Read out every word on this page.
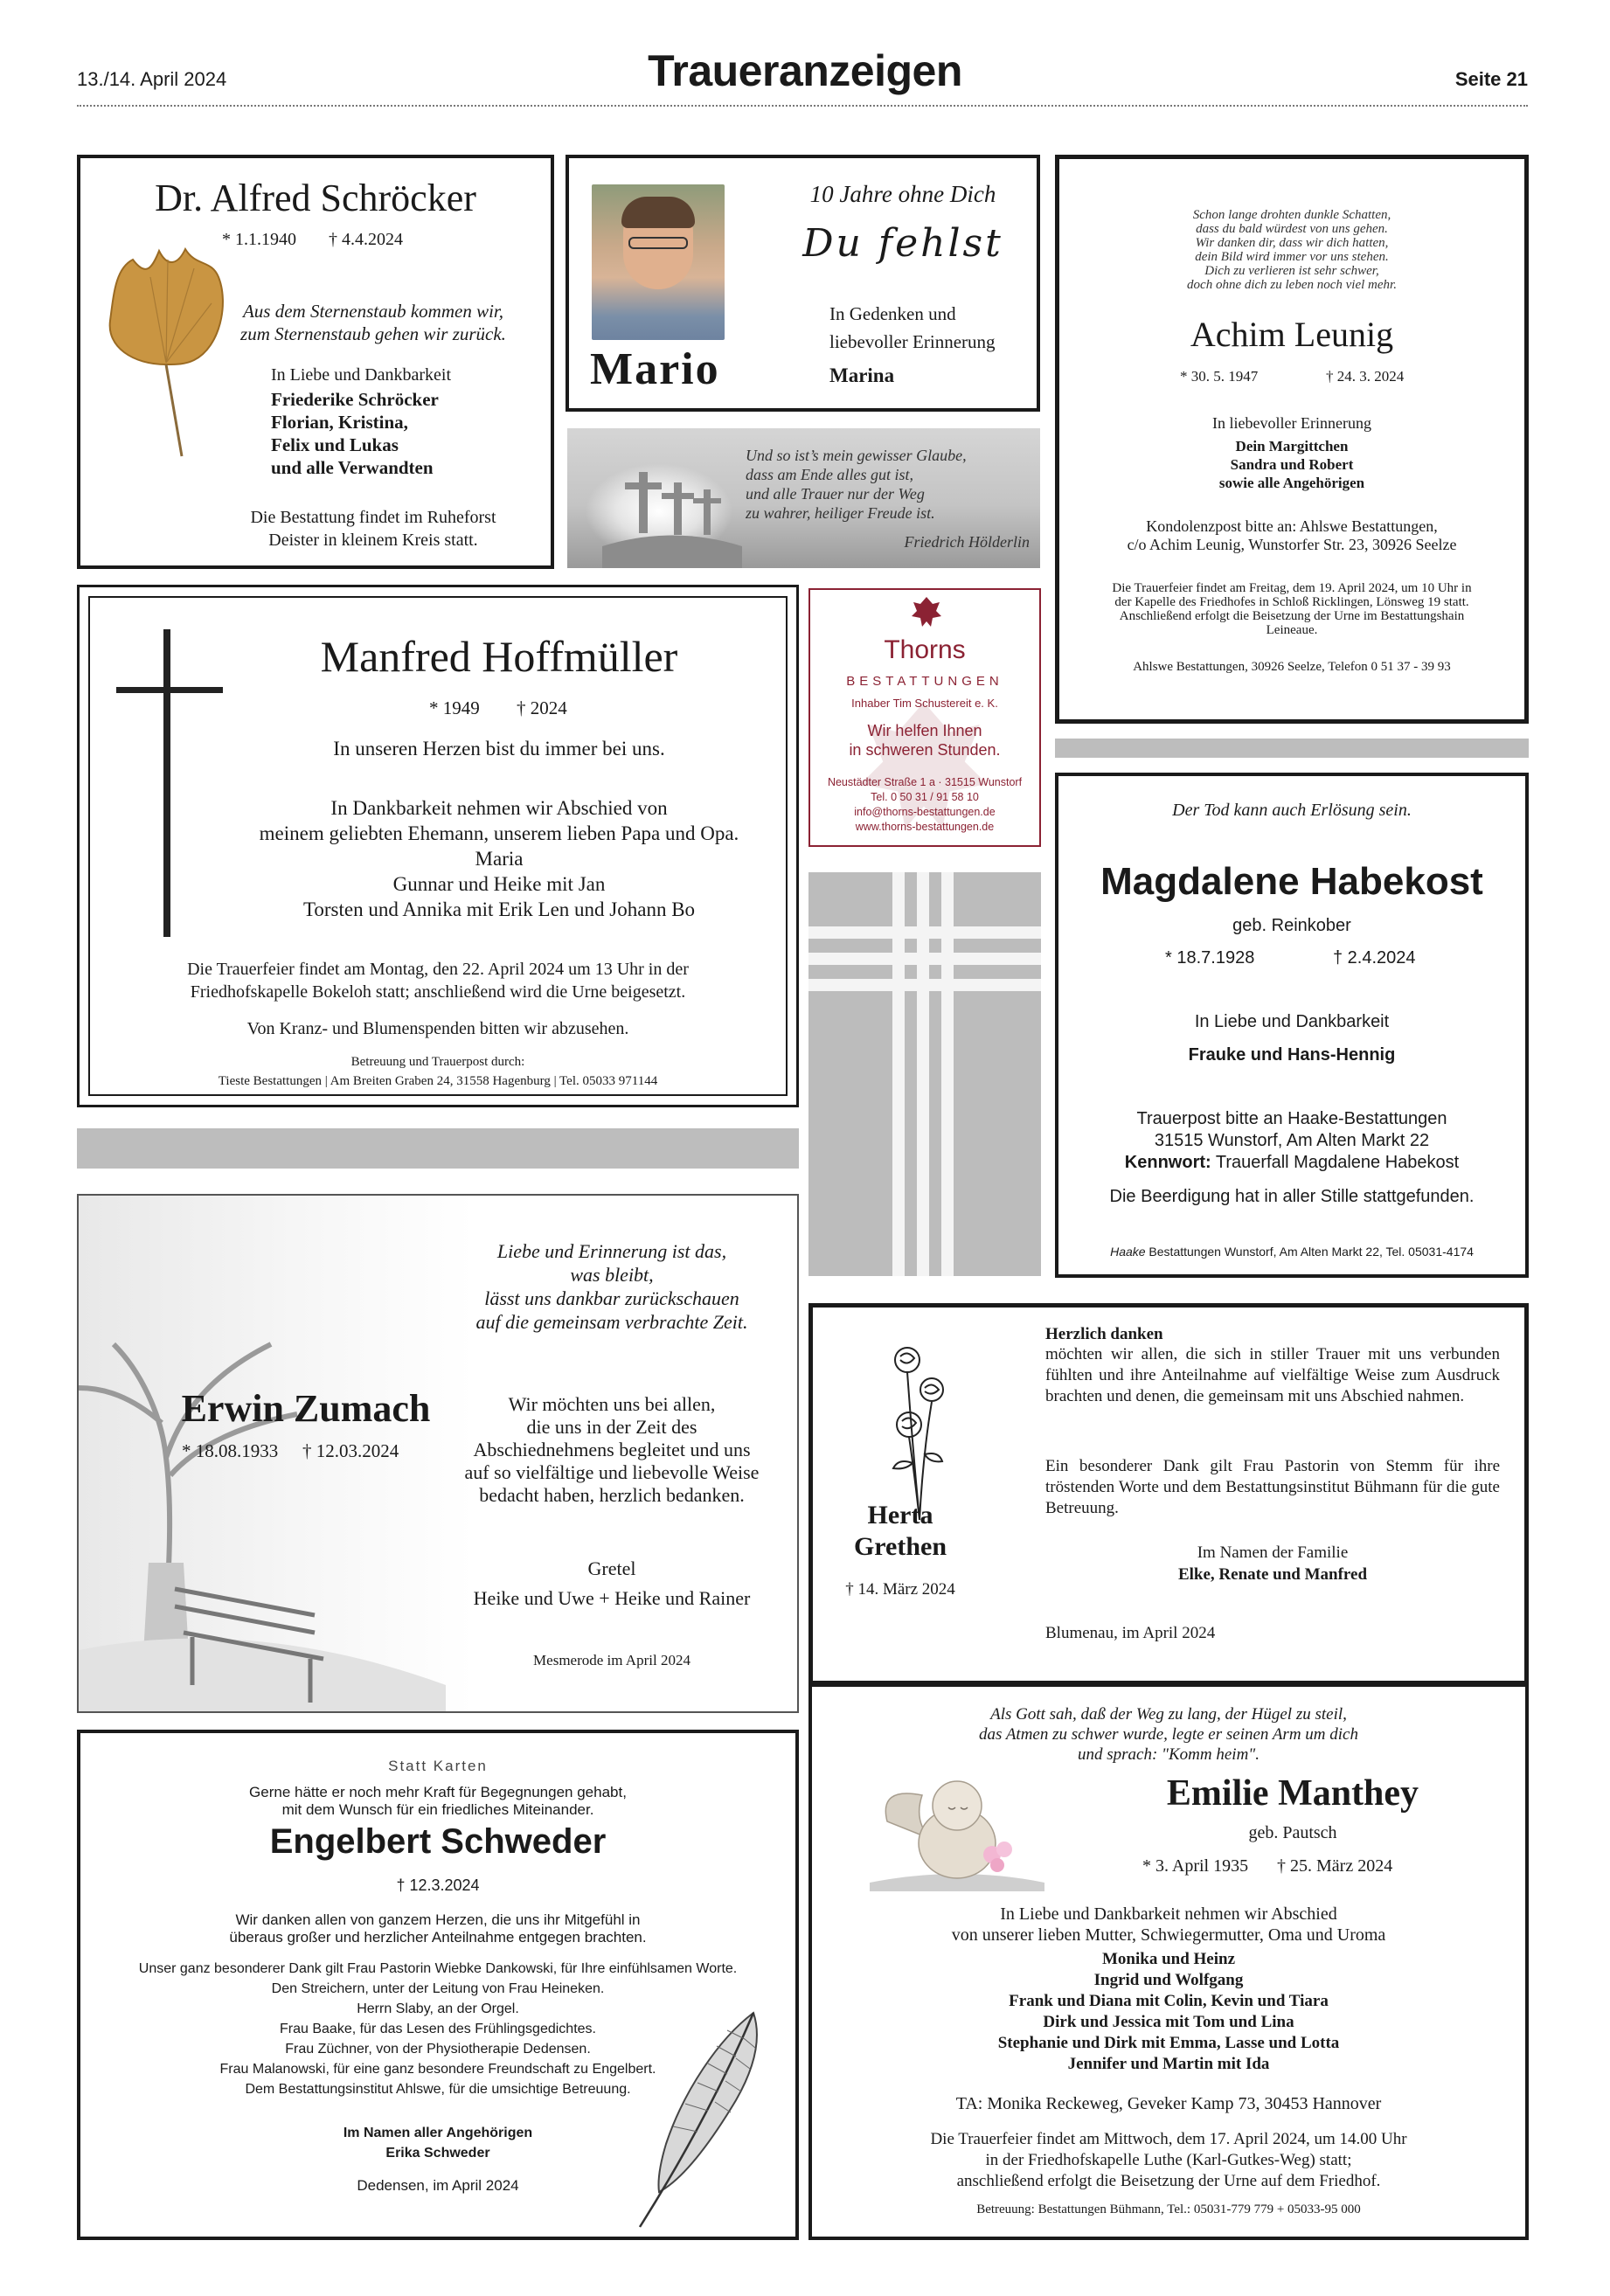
13./14. April 2024	Traueranzeigen	Seite 21
Dr. Alfred Schröcker
* 1.1.1940 † 4.4.2024
Aus dem Sternenstaub kommen wir,
zum Sternenstaub gehen wir zurück.
In Liebe und Dankbarkeit
Friederike Schröcker
Florian, Kristina,
Felix und Lukas
und alle Verwandten
Die Bestattung findet im Ruheforst
Deister in kleinem Kreis statt.
Mario
10 Jahre ohne Dich
Du fehlst
In Gedenken und
liebevoller Erinnerung
Marina
Und so ist’s mein gewisser Glaube,
dass am Ende alles gut ist,
und alle Trauer nur der Weg
zu wahrer, heiliger Freude ist.
Friedrich Hölderlin
Schon lange drohten dunkle Schatten,
dass du bald würdest von uns gehen.
Wir danken dir, dass wir dich hatten,
dein Bild wird immer vor uns stehen.
Dich zu verlieren ist sehr schwer,
doch ohne dich zu leben noch viel mehr.
Achim Leunig
* 30. 5. 1947	† 24. 3. 2024
In liebevoller Erinnerung
Dein Margittchen
Sandra und Robert
sowie alle Angehörigen
Kondolenzpost bitte an: Ahlswe Bestattungen,
c/o Achim Leunig, Wunstorfer Str. 23, 30926 Seelze
Die Trauerfeier findet am Freitag, dem 19. April 2024, um 10 Uhr in
der Kapelle des Friedhofes in Schloß Ricklingen, Lönsweg 19 statt.
Anschließend erfolgt die Beisetzung der Urne im Bestattungshain
Leineaue.
Ahlswe Bestattungen, 30926 Seelze, Telefon 0 51 37 - 39 93
Manfred Hoffmüller
* 1949 † 2024
In unseren Herzen bist du immer bei uns.
In Dankbarkeit nehmen wir Abschied von
meinem geliebten Ehemann, unserem lieben Papa und Opa.
Maria
Gunnar und Heike mit Jan
Torsten und Annika mit Erik Len und Johann Bo
Die Trauerfeier findet am Montag, den 22. April 2024 um 13 Uhr in der
Friedhofskapelle Bokeloh statt; anschließend wird die Urne beigesetzt.
Von Kranz- und Blumenspenden bitten wir abzusehen.
Betreuung und Trauerpost durch:
Tieste Bestattungen | Am Breiten Graben 24, 31558 Hagenburg | Tel. 05033 971144
Thorns
BESTATTUNGEN
Inhaber Tim Schustereit e. K.
Wir helfen Ihnen
in schweren Stunden.
Neustädter Straße 1 a · 31515 Wunstorf
Tel. 0 50 31 / 91 58 10
info@thorns-bestattungen.de
www.thorns-bestattungen.de
Der Tod kann auch Erlösung sein.
Magdalene Habekost
geb. Reinkober
* 18.7.1928	† 2.4.2024
In Liebe und Dankbarkeit
Frauke und Hans-Hennig
Trauerpost bitte an Haake-Bestattungen
31515 Wunstorf, Am Alten Markt 22
Kennwort: Trauerfall Magdalene Habekost
Die Beerdigung hat in aller Stille stattgefunden.
Haake Bestattungen Wunstorf, Am Alten Markt 22, Tel. 05031-4174
Liebe und Erinnerung ist das,
was bleibt,
lässt uns dankbar zurückschauen
auf die gemeinsam verbrachte Zeit.
Erwin Zumach
* 18.08.1933 † 12.03.2024
Wir möchten uns bei allen,
die uns in der Zeit des
Abschiednehmens begleitet und uns
auf so vielfältige und liebevolle Weise
bedacht haben, herzlich bedanken.
Gretel
Heike und Uwe + Heike und Rainer
Mesmerode im April 2024
Herta
Grethen
† 14. März 2024
Herzlich danken
möchten wir allen, die sich in stiller Trauer mit uns verbunden fühlten und ihre Anteilnahme auf vielfältige Weise zum Ausdruck brachten und denen, die gemeinsam mit uns Abschied nahmen.
Ein besonderer Dank gilt Frau Pastorin von Stemm für ihre tröstenden Worte und dem Bestattungsinstitut Bühmann für die gute Betreuung.
Im Namen der Familie
Elke, Renate und Manfred
Blumenau, im April 2024
Statt Karten
Gerne hätte er noch mehr Kraft für Begegnungen gehabt,
mit dem Wunsch für ein friedliches Miteinander.
Engelbert Schweder
† 12.3.2024
Wir danken allen von ganzem Herzen, die uns ihr Mitgefühl in
überaus großer und herzlicher Anteilnahme entgegen brachten.
Unser ganz besonderer Dank gilt Frau Pastorin Wiebke Dankowski, für Ihre einfühlsamen Worte.
Den Streichern, unter der Leitung von Frau Heineken.
Herrn Slaby, an der Orgel.
Frau Baake, für das Lesen des Frühlingsgedichtes.
Frau Züchner, von der Physiotherapie Dedensen.
Frau Malanowski, für eine ganz besondere Freundschaft zu Engelbert.
Dem Bestattungsinstitut Ahlswe, für die umsichtige Betreuung.
Im Namen aller Angehörigen
Erika Schweder
Dedensen, im April 2024
Als Gott sah, daß der Weg zu lang, der Hügel zu steil,
das Atmen zu schwer wurde, legte er seinen Arm um dich
und sprach: "Komm heim".
Emilie Manthey
geb. Pautsch
* 3. April 1935 † 25. März 2024
In Liebe und Dankbarkeit nehmen wir Abschied
von unserer lieben Mutter, Schwiegermutter, Oma und Uroma
Monika und Heinz
Ingrid und Wolfgang
Frank und Diana mit Colin, Kevin und Tiara
Dirk und Jessica mit Tom und Lina
Stephanie und Dirk mit Emma, Lasse und Lotta
Jennifer und Martin mit Ida
TA: Monika Reckeweg, Geveker Kamp 73, 30453 Hannover
Die Trauerfeier findet am Mittwoch, dem 17. April 2024, um 14.00 Uhr
in der Friedhofskapelle Luthe (Karl-Gutkes-Weg) statt;
anschließend erfolgt die Beisetzung der Urne auf dem Friedhof.
Betreuung: Bestattungen Bühmann, Tel.: 05031-779 779 + 05033-95 000
